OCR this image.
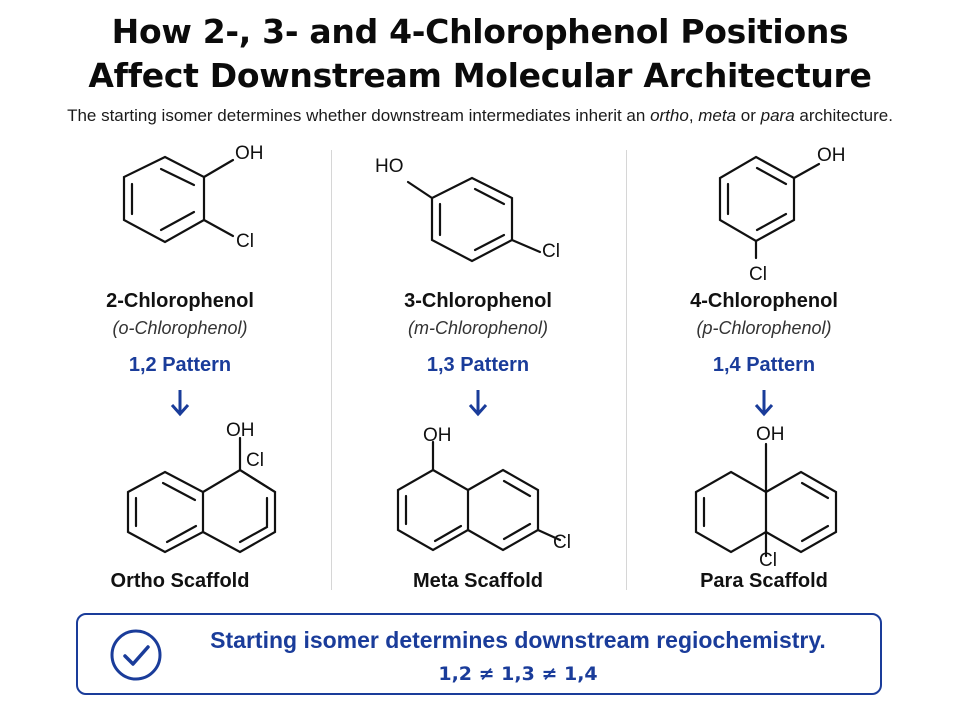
How 2-, 3- and 4-Chlorophenol Positions
Affect Downstream Molecular Architecture
The starting isomer determines whether downstream intermediates inherit an ortho, meta or para architecture.
OH
Cl
OH
Cl
2-Chlorophenol
(o-Chlorophenol)
1,2 Pattern
Ortho Scaffold
HO
Cl
OH
Cl
3-Chlorophenol
(m-Chlorophenol)
1,3 Pattern
Meta Scaffold
OH
Cl
OH
Cl
4-Chlorophenol
(p-Chlorophenol)
1,4 Pattern
Para Scaffold
Starting isomer determines downstream regiochemistry.
1,2 ≠ 1,3 ≠ 1,4
